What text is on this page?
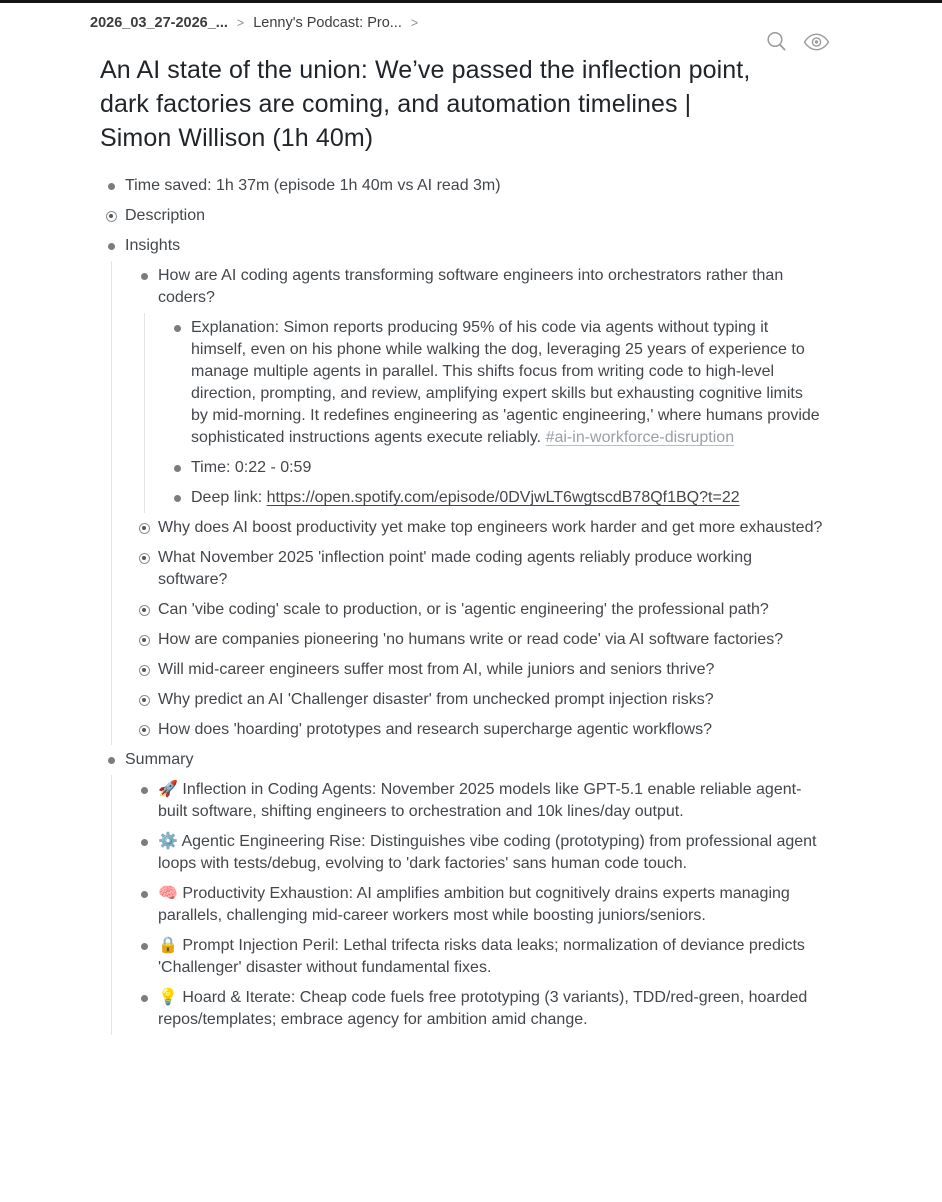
2026_03_27-2026_... > Lenny's Podcast: Pro... >
An AI state of the union: We’ve passed the inflection point, dark factories are coming, and automation timelines | Simon Willison (1h 40m)
Time saved: 1h 37m (episode 1h 40m vs AI read 3m)
Description
Insights
How are AI coding agents transforming software engineers into orchestrators rather than coders?
Explanation: Simon reports producing 95% of his code via agents without typing it himself, even on his phone while walking the dog, leveraging 25 years of experience to manage multiple agents in parallel. This shifts focus from writing code to high-level direction, prompting, and review, amplifying expert skills but exhausting cognitive limits by mid-morning. It redefines engineering as 'agentic engineering,' where humans provide sophisticated instructions agents execute reliably. #ai-in-workforce-disruption
Time: 0:22 - 0:59
Deep link: https://open.spotify.com/episode/0DVjwLT6wgtscdB78Qf1BQ?t=22
Why does AI boost productivity yet make top engineers work harder and get more exhausted?
What November 2025 'inflection point' made coding agents reliably produce working software?
Can 'vibe coding' scale to production, or is 'agentic engineering' the professional path?
How are companies pioneering 'no humans write or read code' via AI software factories?
Will mid-career engineers suffer most from AI, while juniors and seniors thrive?
Why predict an AI 'Challenger disaster' from unchecked prompt injection risks?
How does 'hoarding' prototypes and research supercharge agentic workflows?
Summary
🚀 Inflection in Coding Agents: November 2025 models like GPT-5.1 enable reliable agent-built software, shifting engineers to orchestration and 10k lines/day output.
⚙️ Agentic Engineering Rise: Distinguishes vibe coding (prototyping) from professional agent loops with tests/debug, evolving to 'dark factories' sans human code touch.
🧠 Productivity Exhaustion: AI amplifies ambition but cognitively drains experts managing parallels, challenging mid-career workers most while boosting juniors/seniors.
🔒 Prompt Injection Peril: Lethal trifecta risks data leaks; normalization of deviance predicts 'Challenger' disaster without fundamental fixes.
💡 Hoard & Iterate: Cheap code fuels free prototyping (3 variants), TDD/red-green, hoarded repos/templates; embrace agency for ambition amid change.
